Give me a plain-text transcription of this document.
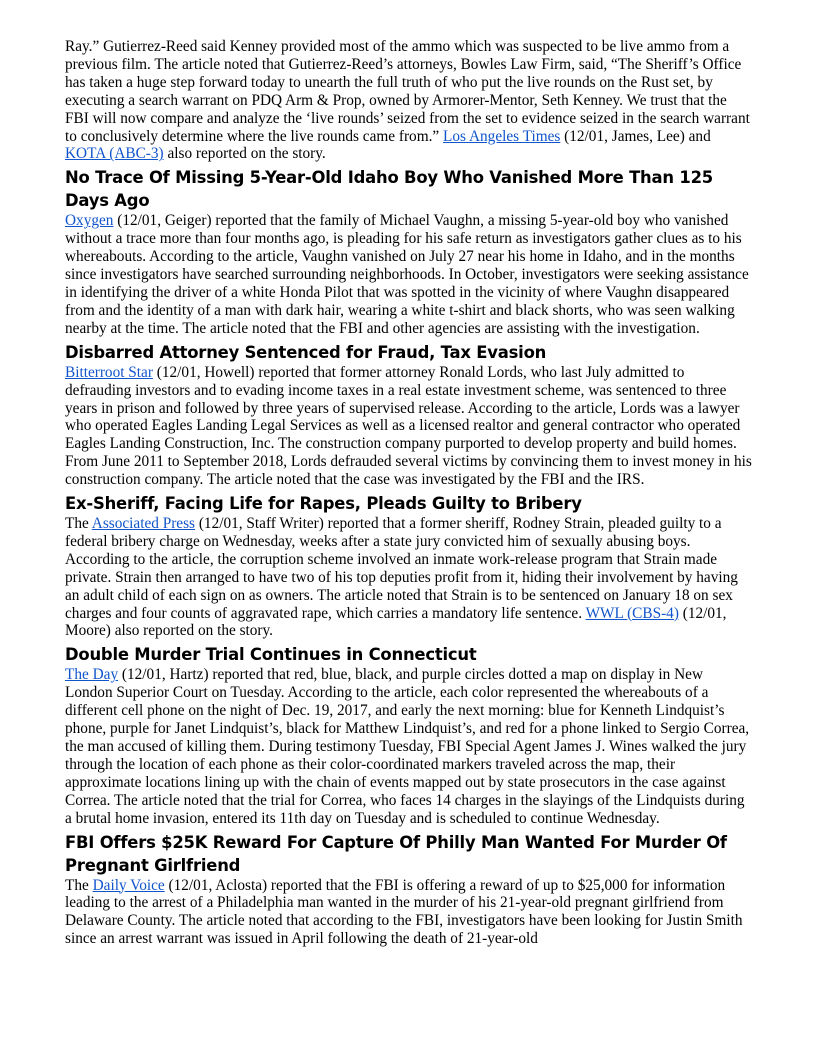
Ray.” Gutierrez-Reed said Kenney provided most of the ammo which was suspected to be live ammo from a previous film. The article noted that Gutierrez-Reed’s attorneys, Bowles Law Firm, said, “The Sheriff’s Office has taken a huge step forward today to unearth the full truth of who put the live rounds on the Rust set, by executing a search warrant on PDQ Arm & Prop, owned by Armorer-Mentor, Seth Kenney. We trust that the FBI will now compare and analyze the ‘live rounds’ seized from the set to evidence seized in the search warrant to conclusively determine where the live rounds came from.” Los Angeles Times (12/01, James, Lee) and KOTA (ABC-3) also reported on the story.

No Trace Of Missing 5-Year-Old Idaho Boy Who Vanished More Than 125 Days Ago

Oxygen (12/01, Geiger) reported that the family of Michael Vaughn, a missing 5-year-old boy who vanished without a trace more than four months ago, is pleading for his safe return as investigators gather clues as to his whereabouts. According to the article, Vaughn vanished on July 27 near his home in Idaho, and in the months since investigators have searched surrounding neighborhoods. In October, investigators were seeking assistance in identifying the driver of a white Honda Pilot that was spotted in the vicinity of where Vaughn disappeared from and the identity of a man with dark hair, wearing a white t-shirt and black shorts, who was seen walking nearby at the time. The article noted that the FBI and other agencies are assisting with the investigation.

Disbarred Attorney Sentenced for Fraud, Tax Evasion

Bitterroot Star (12/01, Howell) reported that former attorney Ronald Lords, who last July admitted to defrauding investors and to evading income taxes in a real estate investment scheme, was sentenced to three years in prison and followed by three years of supervised release. According to the article, Lords was a lawyer who operated Eagles Landing Legal Services as well as a licensed realtor and general contractor who operated Eagles Landing Construction, Inc. The construction company purported to develop property and build homes. From June 2011 to September 2018, Lords defrauded several victims by convincing them to invest money in his construction company. The article noted that the case was investigated by the FBI and the IRS.

Ex-Sheriff, Facing Life for Rapes, Pleads Guilty to Bribery

The Associated Press (12/01, Staff Writer) reported that a former sheriff, Rodney Strain, pleaded guilty to a federal bribery charge on Wednesday, weeks after a state jury convicted him of sexually abusing boys. According to the article, the corruption scheme involved an inmate work-release program that Strain made private. Strain then arranged to have two of his top deputies profit from it, hiding their involvement by having an adult child of each sign on as owners. The article noted that Strain is to be sentenced on January 18 on sex charges and four counts of aggravated rape, which carries a mandatory life sentence. WWL (CBS-4) (12/01, Moore) also reported on the story.

Double Murder Trial Continues in Connecticut

The Day (12/01, Hartz) reported that red, blue, black, and purple circles dotted a map on display in New London Superior Court on Tuesday. According to the article, each color represented the whereabouts of a different cell phone on the night of Dec. 19, 2017, and early the next morning: blue for Kenneth Lindquist’s phone, purple for Janet Lindquist’s, black for Matthew Lindquist’s, and red for a phone linked to Sergio Correa, the man accused of killing them. During testimony Tuesday, FBI Special Agent James J. Wines walked the jury through the location of each phone as their color-coordinated markers traveled across the map, their approximate locations lining up with the chain of events mapped out by state prosecutors in the case against Correa. The article noted that the trial for Correa, who faces 14 charges in the slayings of the Lindquists during a brutal home invasion, entered its 11th day on Tuesday and is scheduled to continue Wednesday.

FBI Offers $25K Reward For Capture Of Philly Man Wanted For Murder Of Pregnant Girlfriend

The Daily Voice (12/01, Aclosta) reported that the FBI is offering a reward of up to $25,000 for information leading to the arrest of a Philadelphia man wanted in the murder of his 21-year-old pregnant girlfriend from Delaware County. The article noted that according to the FBI, investigators have been looking for Justin Smith since an arrest warrant was issued in April following the death of 21-year-old
